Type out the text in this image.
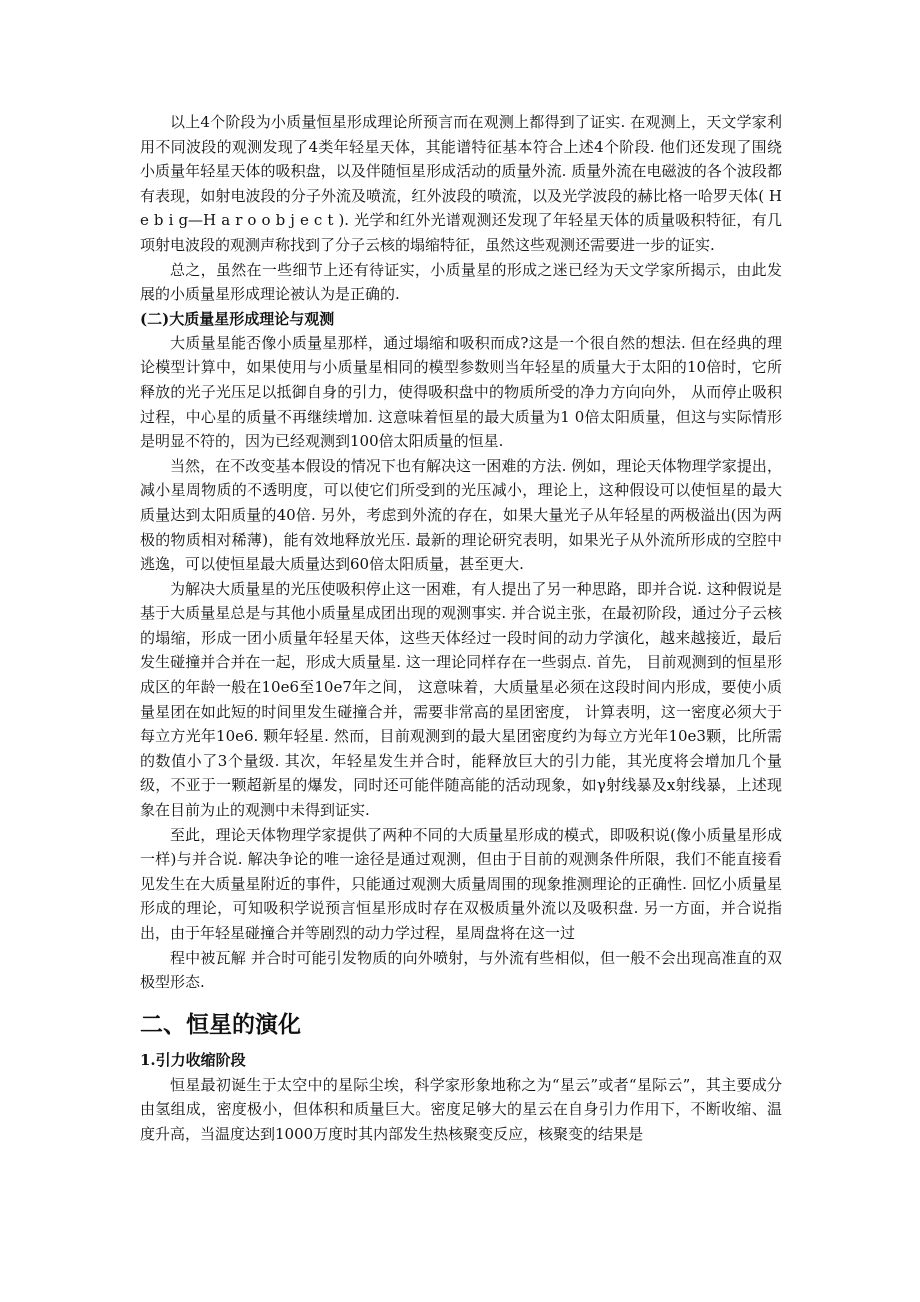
以上4个阶段为小质量恒星形成理论所预言而在观测上都得到了证实. 在观测上，天文学家利用不同波段的观测发现了4类年轻星天体，其能谱特征基本符合上述4个阶段. 他们还发现了围绕小质量年轻星天体的吸积盘，以及伴随恒星形成活动的质量外流. 质量外流在电磁波的各个波段都有表现，如射电波段的分子外流及喷流，红外波段的喷流，以及光学波段的赫比格一哈罗天体( H e b i g—H a r o o b j e c t ). 光学和红外光谱观测还发现了年轻星天体的质量吸积特征，有几项射电波段的观测声称找到了分子云核的塌缩特征，虽然这些观测还需要进一步的证实.

总之，虽然在一些细节上还有待证实，小质量星的形成之迷已经为天文学家所揭示，由此发展的小质量星形成理论被认为是正确的.

(二)大质量星形成理论与观测

大质量星能否像小质量星那样，通过塌缩和吸积而成?这是一个很自然的想法. 但在经典的理论模型计算中，如果使用与小质量星相同的模型参数则当年轻星的质量大于太阳的10倍时，它所释放的光子光压足以抵御自身的引力，使得吸积盘中的物质所受的净力方向向外， 从而停止吸积过程，中心星的质量不再继续增加. 这意味着恒星的最大质量为1 0倍太阳质量，但这与实际情形是明显不符的，因为已经观测到100倍太阳质量的恒星.

当然，在不改变基本假设的情况下也有解决这一困难的方法. 例如，理论天体物理学家提出， 减小星周物质的不透明度，可以使它们所受到的光压减小，理论上，这种假设可以使恒星的最大质量达到太阳质量的40倍. 另外，考虑到外流的存在，如果大量光子从年轻星的两极溢出(因为两极的物质相对稀薄)，能有效地释放光压. 最新的理论研究表明，如果光子从外流所形成的空腔中逃逸，可以使恒星最大质量达到60倍太阳质量，甚至更大.

为解决大质量星的光压使吸积停止这一困难，有人提出了另一种思路，即并合说. 这种假说是基于大质量星总是与其他小质量星成团出现的观测事实. 并合说主张，在最初阶段，通过分子云核的塌缩，形成一团小质量年轻星天体，这些天体经过一段时间的动力学演化，越来越接近，最后发生碰撞并合并在一起，形成大质量星. 这一理论同样存在一些弱点. 首先， 目前观测到的恒星形成区的年龄一般在10e6至10e7年之间， 这意味着，大质量星必须在这段时间内形成，要使小质量星团在如此短的时间里发生碰撞合并，需要非常高的星团密度， 计算表明，这一密度必须大于每立方光年10e6. 颗年轻星. 然而，目前观测到的最大星团密度约为每立方光年10e3颗，比所需的数值小了3个量级. 其次，年轻星发生并合时，能释放巨大的引力能，其光度将会增加几个量级，不亚于一颗超新星的爆发，同时还可能伴随高能的活动现象，如γ射线暴及x射线暴，上述现象在目前为止的观测中未得到证实.

至此，理论天体物理学家提供了两种不同的大质量星形成的模式，即吸积说(像小质量星形成一样)与并合说. 解决争论的唯一途径是通过观测，但由于目前的观测条件所限，我们不能直接看见发生在大质量星附近的事件，只能通过观测大质量周围的现象推测理论的正确性. 回忆小质量星形成的理论，可知吸积学说预言恒星形成时存在双极质量外流以及吸积盘. 另一方面，并合说指出，由于年轻星碰撞合并等剧烈的动力学过程，星周盘将在这一过

程中被瓦解 并合时可能引发物质的向外喷射，与外流有些相似，但一般不会出现高准直的双极型形态.

二、恒星的演化

1.引力收缩阶段

恒星最初诞生于太空中的星际尘埃，科学家形象地称之为“星云”或者“星际云”，其主要成分由氢组成，密度极小，但体积和质量巨大。密度足够大的星云在自身引力作用下，不断收缩、温度升高，当温度达到1000万度时其内部发生热核聚变反应，核聚变的结果是
